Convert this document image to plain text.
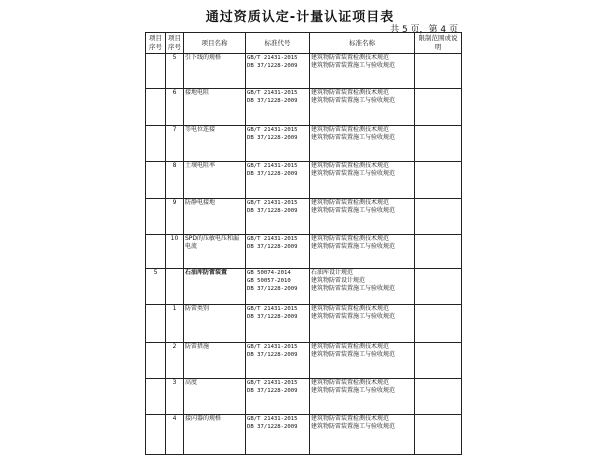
通过资质认定-计量认证项目表
共 5 页，第 4 页
项目序号	项目序号	项目名称	标准代号	标准名称	限制范围或说明
	5	引下线的规格	GB/T 21431-2015
DB 37/1228-2009	建筑物防雷装置检测技术规范
建筑物防雷装置施工与验收规范	

	6	接地电阻	GB/T 21431-2015
DB 37/1228-2009	建筑物防雷装置检测技术规范
建筑物防雷装置施工与验收规范	

	7	等电位连接	GB/T 21431-2015
DB 37/1228-2009	建筑物防雷装置检测技术规范
建筑物防雷装置施工与验收规范	

	8	土壤电阻率	GB/T 21431-2015
DB 37/1228-2009	建筑物防雷装置检测技术规范
建筑物防雷装置施工与验收规范	

	9	防静电接地	GB/T 21431-2015
DB 37/1228-2009	建筑物防雷装置检测技术规范
建筑物防雷装置施工与验收规范	

	10	SPD的压敏电压和漏电流	GB/T 21431-2015
DB 37/1228-2009	建筑物防雷装置检测技术规范
建筑物防雷装置施工与验收规范	

5		石油库防雷装置	GB 50074-2014
GB 50057-2010
DB 37/1228-2009	石油库设计规范
建筑物防雷设计规范
建筑物防雷装置施工与验收规范	

	1	防雷类别	GB/T 21431-2015
DB 37/1228-2009	建筑物防雷装置检测技术规范
建筑物防雷装置施工与验收规范	

	2	防雷措施	GB/T 21431-2015
DB 37/1228-2009	建筑物防雷装置检测技术规范
建筑物防雷装置施工与验收规范	

	3	高度	GB/T 21431-2015
DB 37/1228-2009	建筑物防雷装置检测技术规范
建筑物防雷装置施工与验收规范	

	4	接闪器的规格	GB/T 21431-2015
DB 37/1228-2009	建筑物防雷装置检测技术规范
建筑物防雷装置施工与验收规范	
